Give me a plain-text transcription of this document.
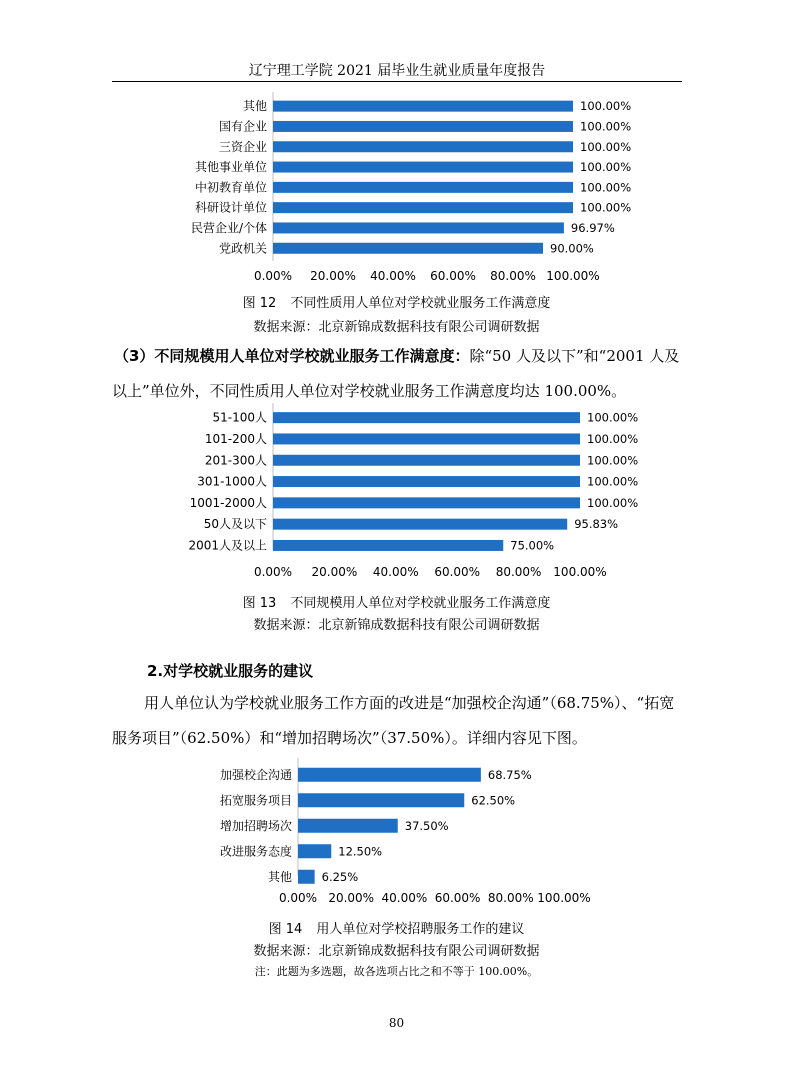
辽宁理工学院 2021 届毕业生就业质量年度报告
其他	100.00%
国有企业	100.00%
三资企业	100.00%
其他事业单位	100.00%
中初教育单位	100.00%
科研设计单位	100.00%
民营企业/个体	96.97%
党政机关	90.00%
0.00% 20.00% 40.00% 60.00% 80.00% 100.00%
图 12 不同性质用人单位对学校就业服务工作满意度
数据来源：北京新锦成数据科技有限公司调研数据
（3）不同规模用人单位对学校就业服务工作满意度：除“50 人及以下”和“2001 人及以上”单位外，不同性质用人单位对学校就业服务工作满意度均达 100.00%。
51-100人	100.00%
101-200人	100.00%
201-300人	100.00%
301-1000人	100.00%
1001-2000人	100.00%
50人及以下	95.83%
2001人及以上	75.00%
0.00% 20.00% 40.00% 60.00% 80.00% 100.00%
图 13 不同规模用人单位对学校就业服务工作满意度
数据来源：北京新锦成数据科技有限公司调研数据
2.对学校就业服务的建议
用人单位认为学校就业服务工作方面的改进是“加强校企沟通”（68.75%）、“拓宽服务项目”（62.50%）和“增加招聘场次”（37.50%）。详细内容见下图。
加强校企沟通	68.75%
拓宽服务项目	62.50%
增加招聘场次	37.50%
改进服务态度	12.50%
其他	6.25%
0.00% 20.00% 40.00% 60.00% 80.00% 100.00%
图 14 用人单位对学校招聘服务工作的建议
数据来源：北京新锦成数据科技有限公司调研数据
注：此题为多选题，故各选项占比之和不等于 100.00%。
80
